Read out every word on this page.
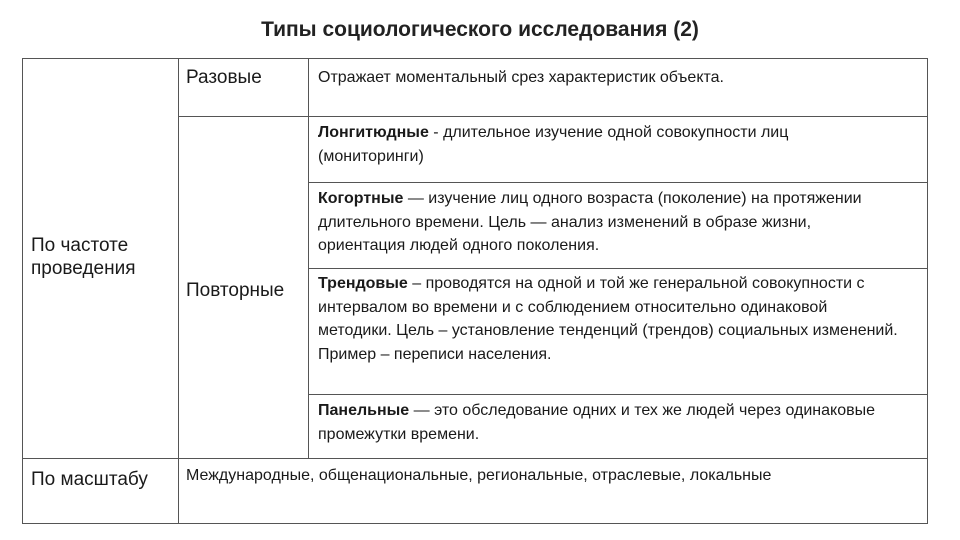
Типы социологического исследования (2)
По частоте проведения
По масштабу
Разовые
Повторные
Отражает моментальный срез характеристик объекта.
Лонгитюдные - длительное изучение одной совокупности лиц (мониторинги)
Когортные — изучение лиц одного возраста (поколение) на протяжении длительного времени. Цель — анализ изменений в образе жизни, ориентация людей одного поколения.
Трендовые – проводятся на одной и той же генеральной совокупности с интервалом во времени и с соблюдением относительно одинаковой методики. Цель – установление тенденций (трендов) социальных изменений. Пример – переписи населения.
Панельные — это обследование одних и тех же людей через одинаковые промежутки времени.
Международные, общенациональные, региональные, отраслевые, локальные
